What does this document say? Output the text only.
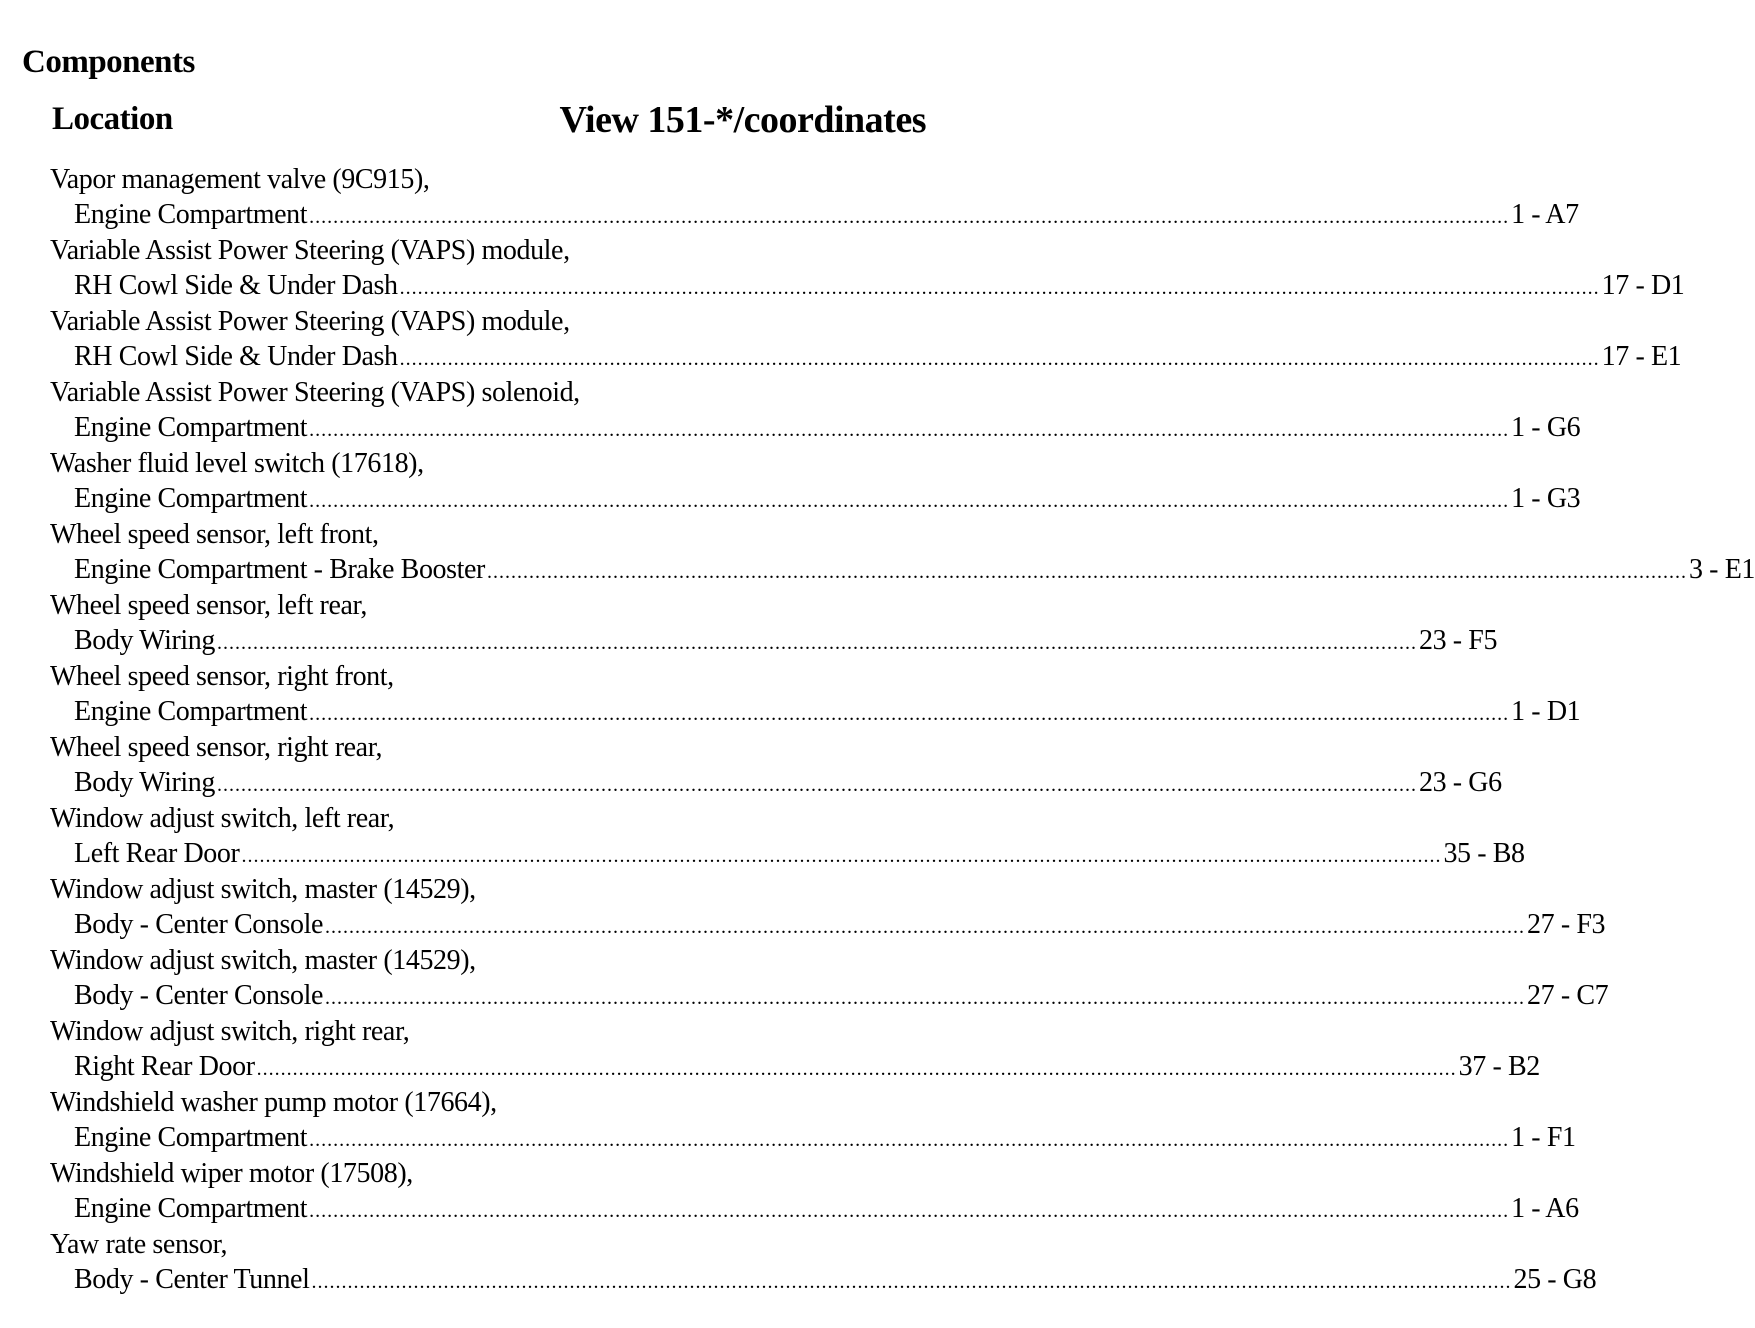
Components
Location	View 151-*/coordinates
Vapor management valve (9C915),
Engine Compartment ........................................................................................................................................................................................................ 1 - A7
Variable Assist Power Steering (VAPS) module,
RH Cowl Side & Under Dash ........................................................................................................................................................................................................ 17 - D1
Variable Assist Power Steering (VAPS) module,
RH Cowl Side & Under Dash ........................................................................................................................................................................................................ 17 - E1
Variable Assist Power Steering (VAPS) solenoid,
Engine Compartment ........................................................................................................................................................................................................ 1 - G6
Washer fluid level switch (17618),
Engine Compartment ........................................................................................................................................................................................................ 1 - G3
Wheel speed sensor, left front,
Engine Compartment - Brake Booster ........................................................................................................................................................................................................ 3 - E1
Wheel speed sensor, left rear,
Body Wiring ........................................................................................................................................................................................................ 23 - F5
Wheel speed sensor, right front,
Engine Compartment ........................................................................................................................................................................................................ 1 - D1
Wheel speed sensor, right rear,
Body Wiring ........................................................................................................................................................................................................ 23 - G6
Window adjust switch, left rear,
Left Rear Door ........................................................................................................................................................................................................ 35 - B8
Window adjust switch, master (14529),
Body - Center Console ........................................................................................................................................................................................................ 27 - F3
Window adjust switch, master (14529),
Body - Center Console ........................................................................................................................................................................................................ 27 - C7
Window adjust switch, right rear,
Right Rear Door ........................................................................................................................................................................................................ 37 - B2
Windshield washer pump motor (17664),
Engine Compartment ........................................................................................................................................................................................................ 1 - F1
Windshield wiper motor (17508),
Engine Compartment ........................................................................................................................................................................................................ 1 - A6
Yaw rate sensor,
Body - Center Tunnel ........................................................................................................................................................................................................ 25 - G8
